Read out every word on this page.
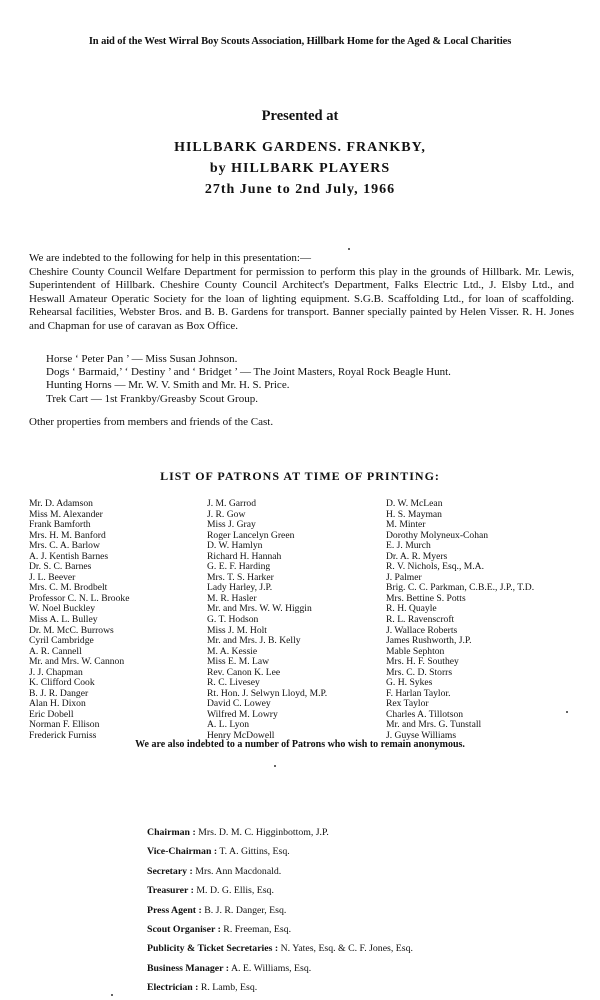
In aid of the West Wirral Boy Scouts Association, Hillbark Home for the Aged & Local Charities
Presented at
HILLBARK GARDENS. FRANKBY,
by HILLBARK PLAYERS
27th June to 2nd July, 1966

We are indebted to the following for help in this presentation:—

Cheshire County Council Welfare Department for permission to perform this play in the grounds of Hillbark. Mr. Lewis, Superintendent of Hillbark. Cheshire County Council Architect's Department, Falks Electric Ltd., J. Elsby Ltd., and Heswall Amateur Operatic Society for the loan of lighting equipment. S.G.B. Scaffolding Ltd., for loan of scaffolding. Rehearsal facilities, Webster Bros. and B. B. Gardens for transport. Banner specially painted by Helen Visser. R. H. Jones and Chapman for use of caravan as Box Office.

Horse ‘ Peter Pan ’ — Miss Susan Johnson.
Dogs ‘ Barmaid,’ ‘ Destiny ’ and ‘ Bridget ’ — The Joint Masters, Royal Rock Beagle Hunt.
Hunting Horns — Mr. W. V. Smith and Mr. H. S. Price.
Trek Cart — 1st Frankby/Greasby Scout Group.
Other properties from members and friends of the Cast.
LIST OF PATRONS AT TIME OF PRINTING:
Mr. D. Adamson
Miss M. Alexander
Frank Bamforth
Mrs. H. M. Banford
Mrs. C. A. Barlow
A. J. Kentish Barnes
Dr. S. C. Barnes
J. L. Beever
Mrs. C. M. Brodbelt
Professor C. N. L. Brooke
W. Noel Buckley
Miss A. L. Bulley
Dr. M. McC. Burrows
Cyril Cambridge
A. R. Cannell
Mr. and Mrs. W. Cannon
J. J. Chapman
K. Clifford Cook
B. J. R. Danger
Alan H. Dixon
Eric Dobell
Norman F. Ellison
Frederick Furniss
J. M. Garrod
J. R. Gow
Miss J. Gray
Roger Lancelyn Green
D. W. Hamlyn
Richard H. Hannah
G. E. F. Harding
Mrs. T. S. Harker
Lady Harley, J.P.
M. R. Hasler
Mr. and Mrs. W. W. Higgin
G. T. Hodson
Miss J. M. Holt
Mr. and Mrs. J. B. Kelly
M. A. Kessie
Miss E. M. Law
Rev. Canon K. Lee
R. C. Livesey
Rt. Hon. J. Selwyn Lloyd, M.P.
David C. Lowey
Wilfred M. Lowry
A. L. Lyon
Henry McDowell
D. W. McLean
H. S. Mayman
M. Minter
Dorothy Molyneux-Cohan
E. J. Murch
Dr. A. R. Myers
R. V. Nichols, Esq., M.A.
J. Palmer
Brig. C. C. Parkman, C.B.E., J.P., T.D.
Mrs. Bettine S. Potts
R. H. Quayle
R. L. Ravenscroft
J. Wallace Roberts
James Rushworth, J.P.
Mable Sephton
Mrs. H. F. Southey
Mrs. C. D. Storrs
G. H. Sykes
F. Harlan Taylor.
Rex Taylor
Charles A. Tillotson
Mr. and Mrs. G. Tunstall
J. Guyse Williams
We are also indebted to a number of Patrons who wish to remain anonymous.
Chairman : Mrs. D. M. C. Higginbottom, J.P.
Vice-Chairman : T. A. Gittins, Esq.
Secretary : Mrs. Ann Macdonald.
Treasurer : M. D. G. Ellis, Esq.
Press Agent : B. J. R. Danger, Esq.
Scout Organiser : R. Freeman, Esq.
Publicity & Ticket Secretaries : N. Yates, Esq. & C. F. Jones, Esq.
Business Manager : A. E. Williams, Esq.
Electrician : R. Lamb, Esq.
